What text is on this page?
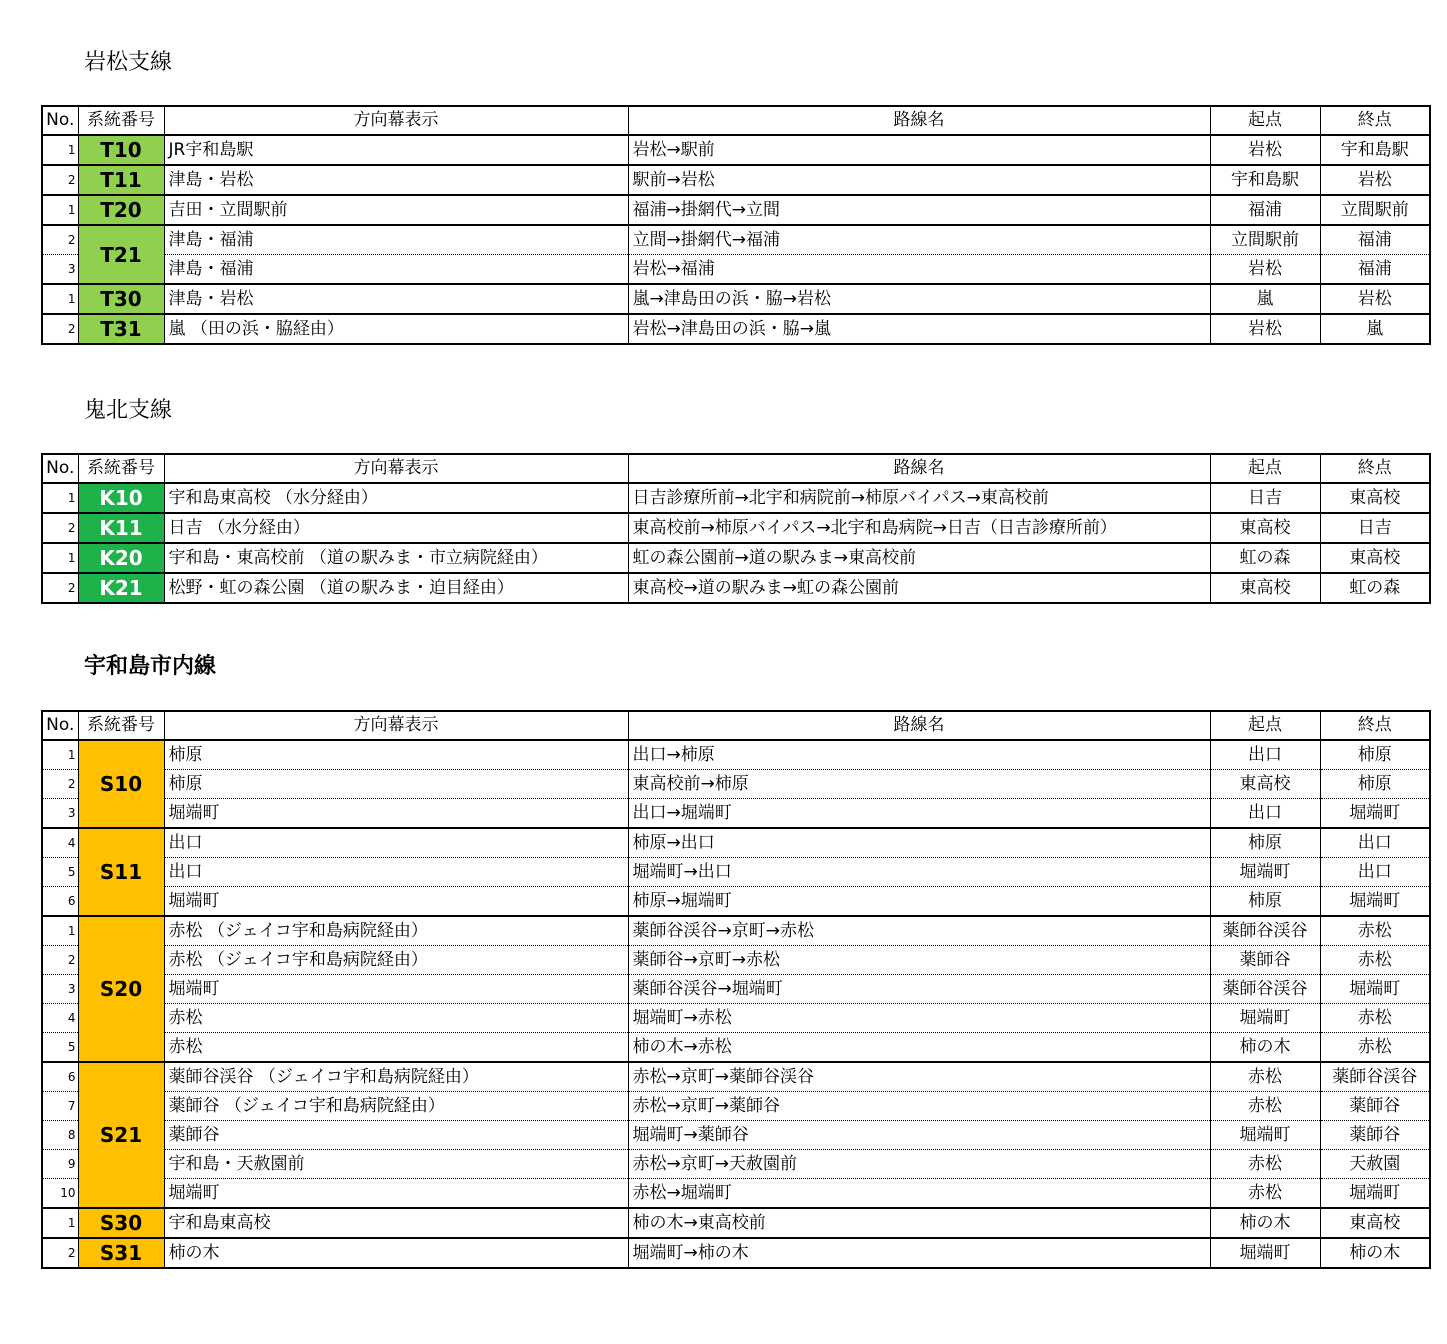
岩松支線
No.	系統番号	方向幕表示	路線名	起点	終点
1	T10	JR宇和島駅	岩松→駅前	岩松	宇和島駅
2	T11	津島・岩松	駅前→岩松	宇和島駅	岩松
1	T20	吉田・立間駅前	福浦→掛網代→立間	福浦	立間駅前
2	T21	津島・福浦	立間→掛網代→福浦	立間駅前	福浦
3		津島・福浦	岩松→福浦	岩松	福浦
1	T30	津島・岩松	嵐→津島田の浜・脇→岩松	嵐	岩松
2	T31	嵐 （田の浜・脇経由）	岩松→津島田の浜・脇→嵐	岩松	嵐
鬼北支線
No.	系統番号	方向幕表示	路線名	起点	終点
1	K10	宇和島東高校 （水分経由）	日吉診療所前→北宇和病院前→柿原バイパス→東高校前	日吉	東高校
2	K11	日吉 （水分経由）	東高校前→柿原バイパス→北宇和島病院→日吉（日吉診療所前）	東高校	日吉
1	K20	宇和島・東高校前 （道の駅みま・市立病院経由）	虹の森公園前→道の駅みま→東高校前	虹の森	東高校
2	K21	松野・虹の森公園 （道の駅みま・迫目経由）	東高校→道の駅みま→虹の森公園前	東高校	虹の森
宇和島市内線
No.	系統番号	方向幕表示	路線名	起点	終点
1	S10	柿原	出口→柿原	出口	柿原
2		柿原	東高校前→柿原	東高校	柿原
3		堀端町	出口→堀端町	出口	堀端町
4	S11	出口	柿原→出口	柿原	出口
5		出口	堀端町→出口	堀端町	出口
6		堀端町	柿原→堀端町	柿原	堀端町
1	S20	赤松 （ジェイコ宇和島病院経由）	薬師谷渓谷→京町→赤松	薬師谷渓谷	赤松
2		赤松 （ジェイコ宇和島病院経由）	薬師谷→京町→赤松	薬師谷	赤松
3		堀端町	薬師谷渓谷→堀端町	薬師谷渓谷	堀端町
4		赤松	堀端町→赤松	堀端町	赤松
5		赤松	柿の木→赤松	柿の木	赤松
6	S21	薬師谷渓谷 （ジェイコ宇和島病院経由）	赤松→京町→薬師谷渓谷	赤松	薬師谷渓谷
7		薬師谷 （ジェイコ宇和島病院経由）	赤松→京町→薬師谷	赤松	薬師谷
8		薬師谷	堀端町→薬師谷	堀端町	薬師谷
9		宇和島・天赦園前	赤松→京町→天赦園前	赤松	天赦園
10		堀端町	赤松→堀端町	赤松	堀端町
1	S30	宇和島東高校	柿の木→東高校前	柿の木	東高校
2	S31	柿の木	堀端町→柿の木	堀端町	柿の木
